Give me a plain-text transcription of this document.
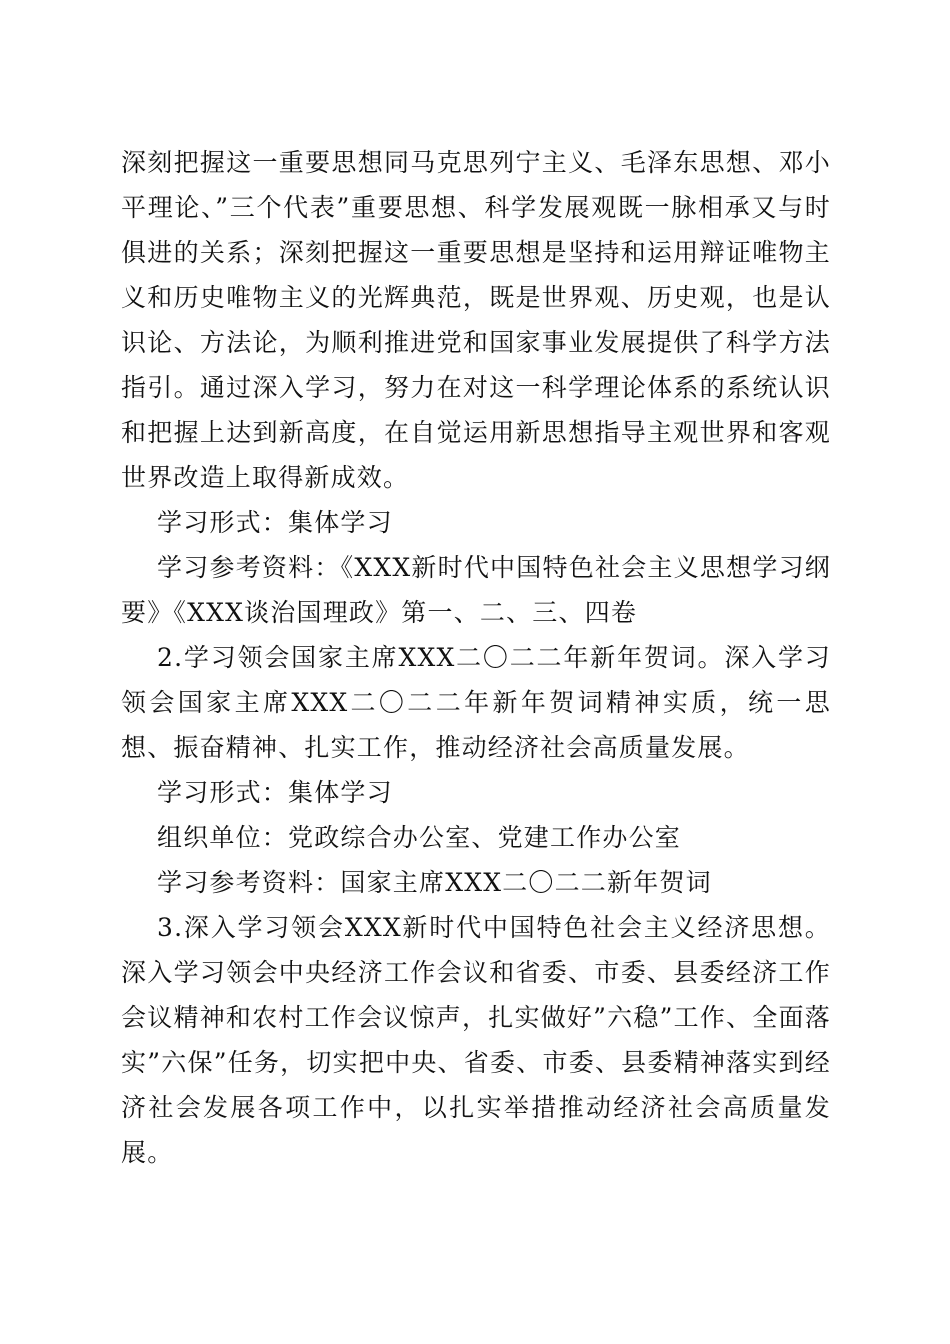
深刻把握这一重要思想同马克思列宁主义、毛泽东思想、邓小平理论、”三个代表”重要思想、科学发展观既一脉相承又与时俱进的关系；深刻把握这一重要思想是坚持和运用辩证唯物主义和历史唯物主义的光辉典范，既是世界观、历史观，也是认识论、方法论，为顺利推进党和国家事业发展提供了科学方法指引。通过深入学习，努力在对这一科学理论体系的系统认识和把握上达到新高度，在自觉运用新思想指导主观世界和客观世界改造上取得新成效。

学习形式：集体学习

学习参考资料：《XXX新时代中国特色社会主义思想学习纲要》《XXX谈治国理政》第一、二、三、四卷

2.学习领会国家主席XXX二〇二二年新年贺词。深入学习领会国家主席XXX二〇二二年新年贺词精神实质，统一思想、振奋精神、扎实工作，推动经济社会高质量发展。

学习形式：集体学习

组织单位：党政综合办公室、党建工作办公室

学习参考资料：国家主席XXX二〇二二新年贺词

3.深入学习领会XXX新时代中国特色社会主义经济思想。深入学习领会中央经济工作会议和省委、市委、县委经济工作会议精神和农村工作会议惊声，扎实做好”六稳”工作、全面落实”六保”任务，切实把中央、省委、市委、县委精神落实到经济社会发展各项工作中，以扎实举措推动经济社会高质量发展。
